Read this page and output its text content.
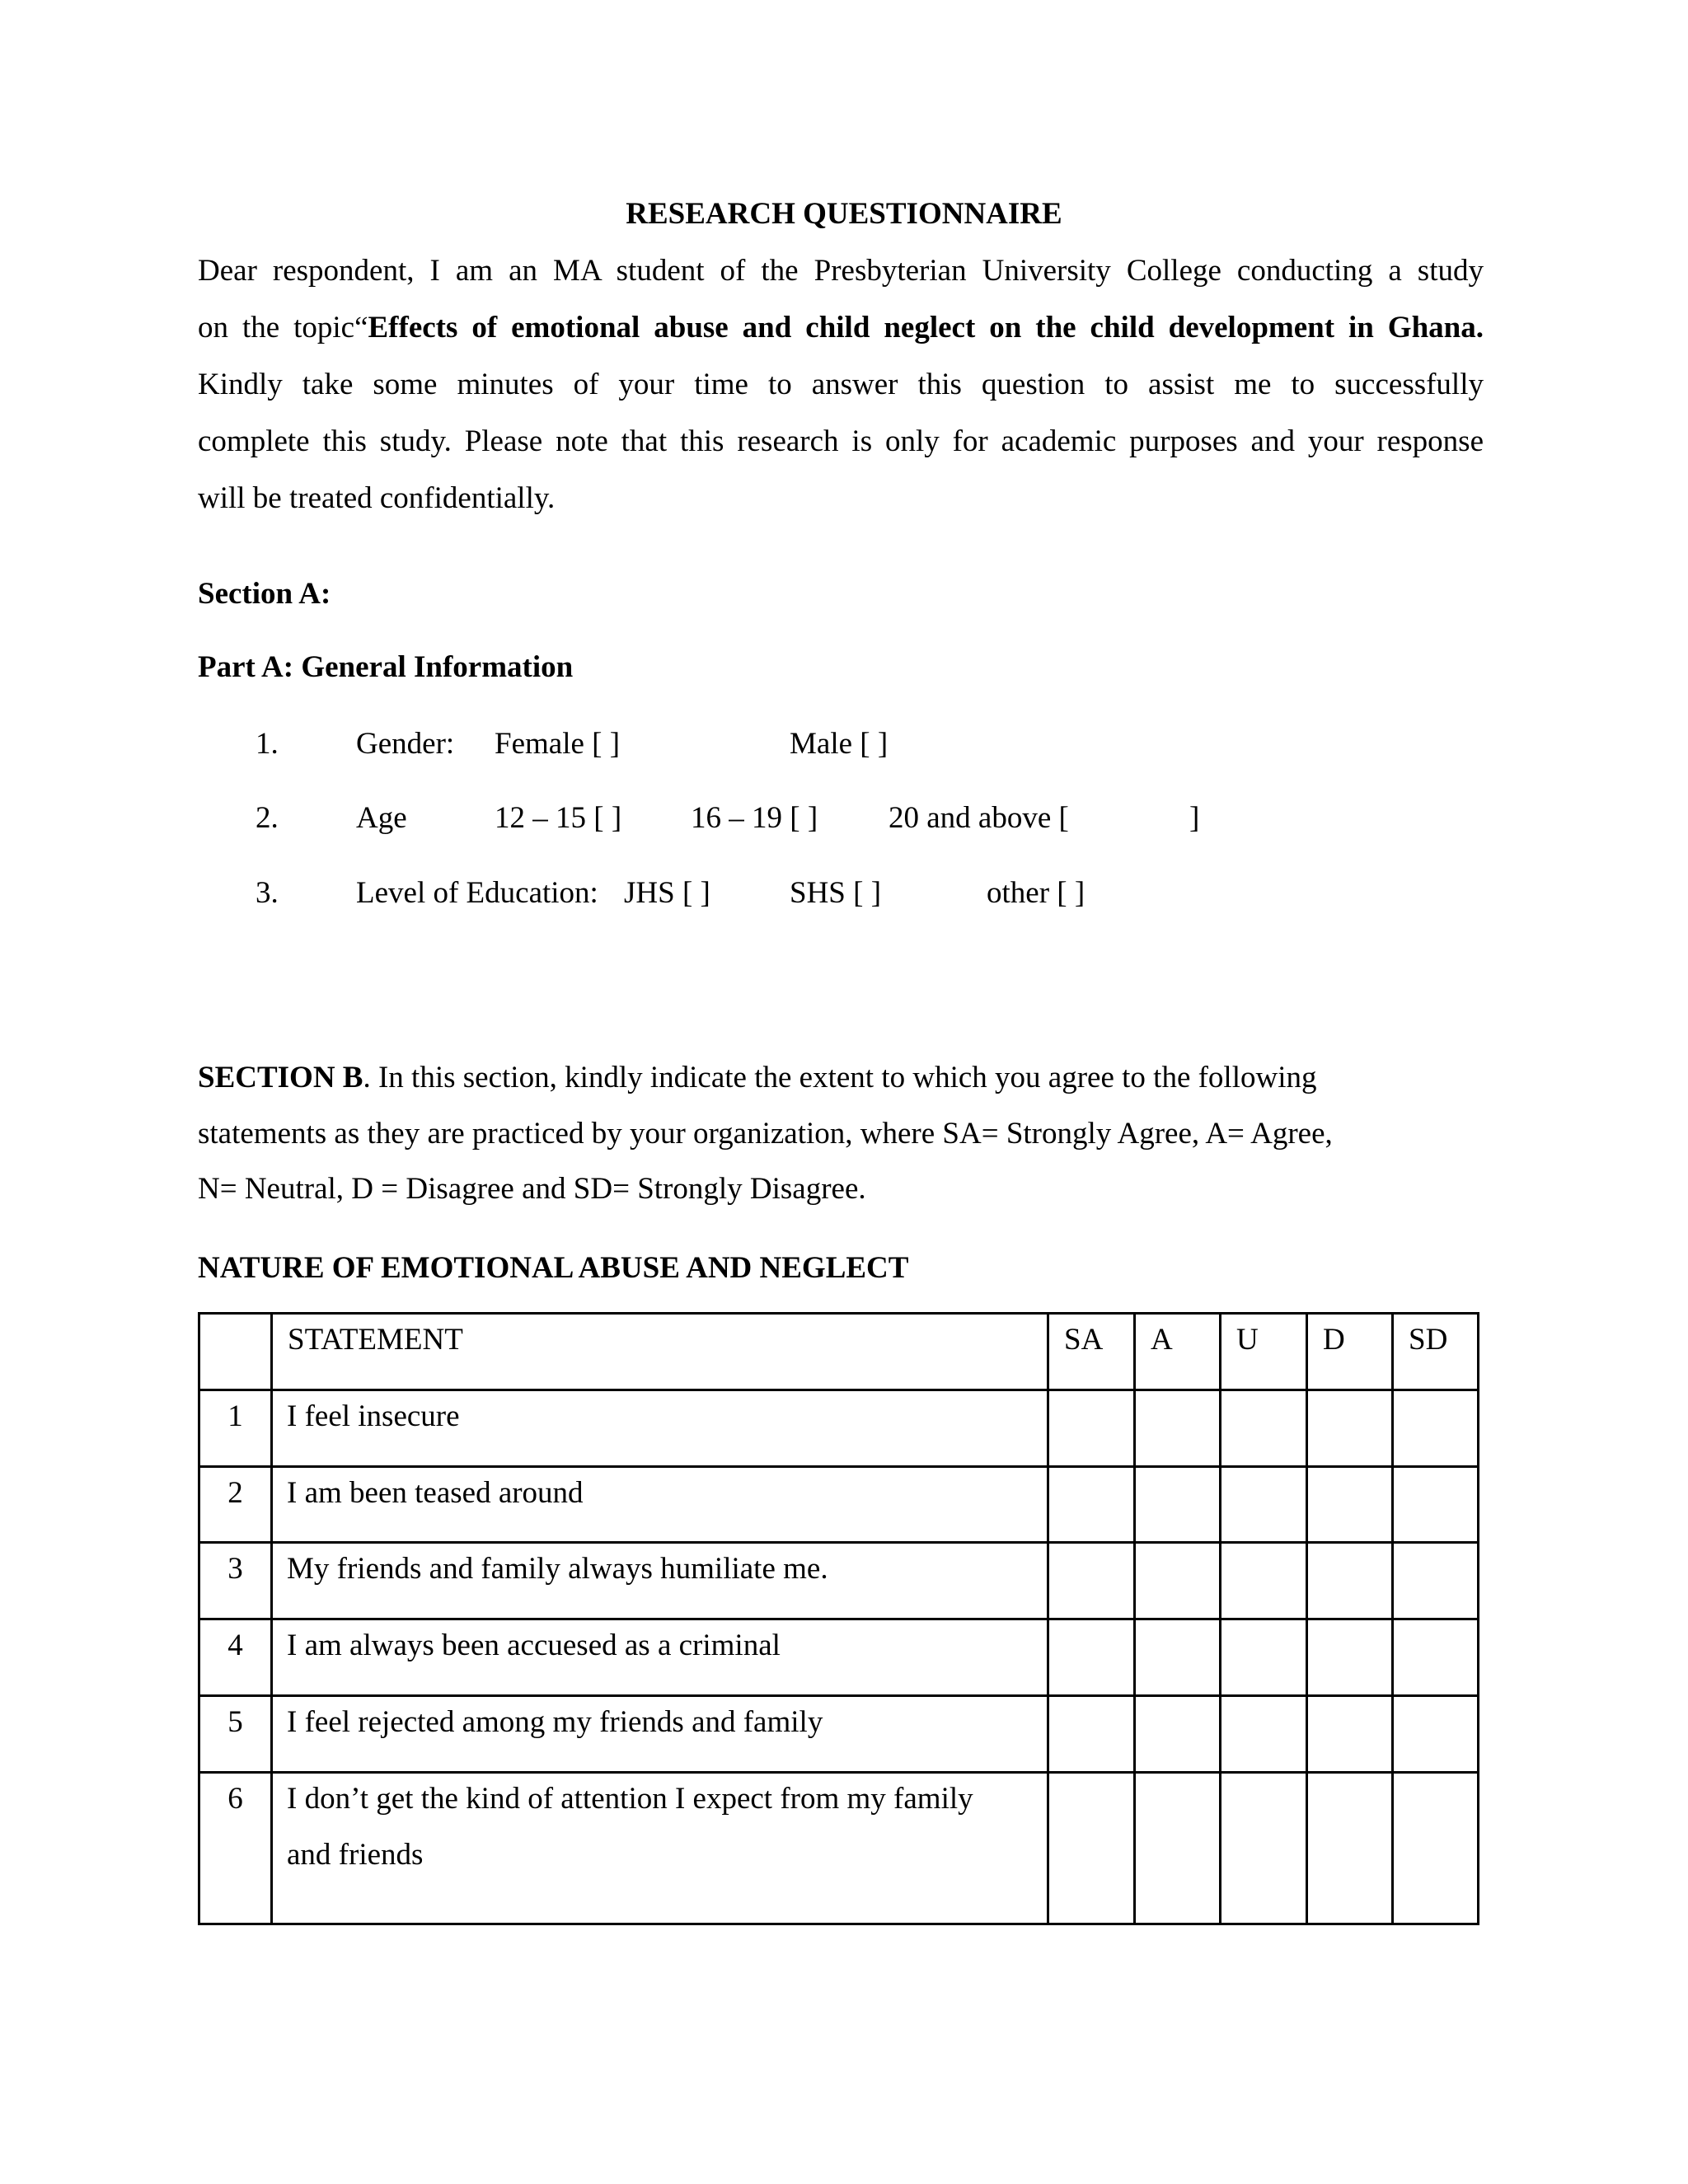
RESEARCH QUESTIONNAIRE
Dear respondent, I am an MA student of the Presbyterian University College conducting a study
on the topic“Effects of emotional abuse and child neglect on the child development in Ghana.
Kindly take some minutes of your time to answer this question to assist me to successfully
complete this study. Please note that this research is only for academic purposes and your response
will be treated confidentially.
Section A:
Part A: General Information
1.	Gender: Female [ ]	Male [ ]
2.	Age	12 – 15 [ ] 16 – 19 [ ] 20 and above [	]
3.	Level of Education: JHS [ ]	SHS [ ]	other [ ]
SECTION B. In this section, kindly indicate the extent to which you agree to the following
statements as they are practiced by your organization, where SA= Strongly Agree, A= Agree,
N= Neutral, D = Disagree and SD= Strongly Disagree.
NATURE OF EMOTIONAL ABUSE AND NEGLECT

	STATEMENT	SA	A	U	D	SD

1	I feel insecure					

2	I am been teased around					

3	My friends and family always humiliate me.					

4	I am always been accuesed as a criminal					

5	I feel rejected among my friends and family					

6	I don’t get the kind of attention I expect from my family
and friends					
